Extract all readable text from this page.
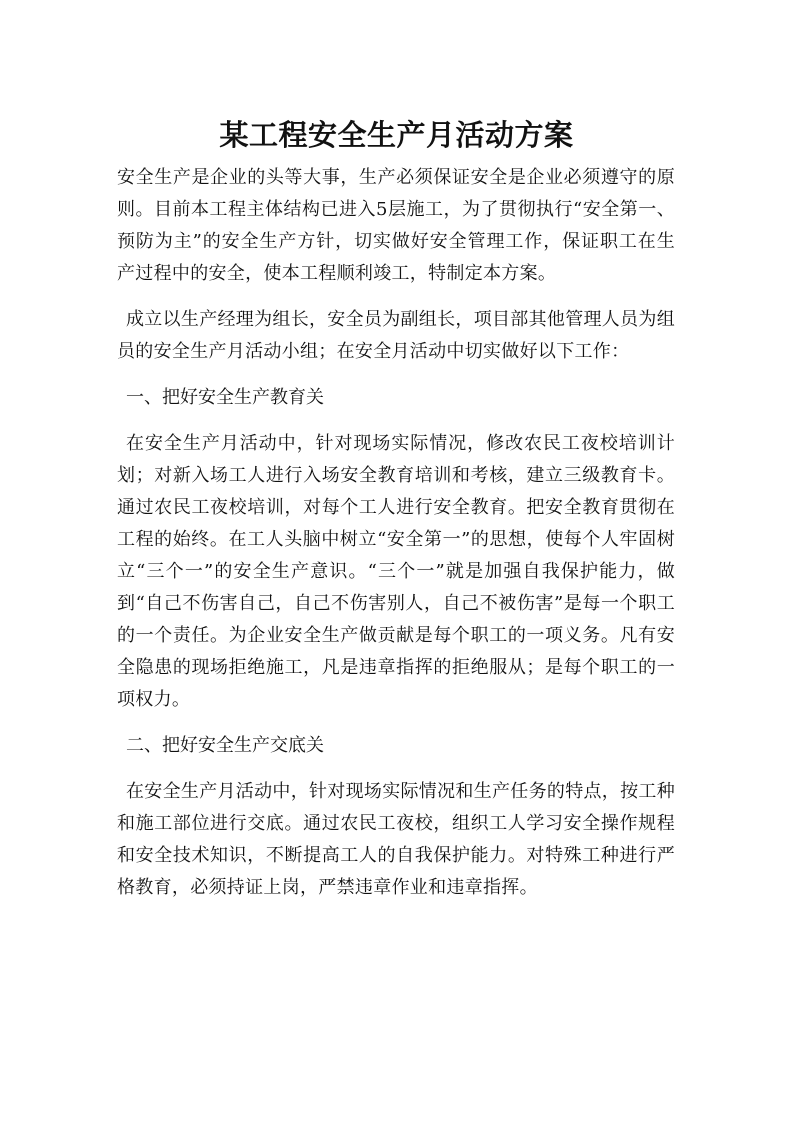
某工程安全生产月活动方案

安全生产是企业的头等大事，生产必须保证安全是企业必须遵守的原则。目前本工程主体结构已进入5层施工，为了贯彻执行“安全第一、预防为主”的安全生产方针，切实做好安全管理工作，保证职工在生产过程中的安全，使本工程顺利竣工，特制定本方案。

成立以生产经理为组长，安全员为副组长，项目部其他管理人员为组员的安全生产月活动小组；在安全月活动中切实做好以下工作：

一、把好安全生产教育关

在安全生产月活动中，针对现场实际情况，修改农民工夜校培训计划；对新入场工人进行入场安全教育培训和考核，建立三级教育卡。通过农民工夜校培训，对每个工人进行安全教育。把安全教育贯彻在工程的始终。在工人头脑中树立“安全第一”的思想，使每个人牢固树立“三个一”的安全生产意识。“三个一”就是加强自我保护能力，做到“自己不伤害自己，自己不伤害别人，自己不被伤害”是每一个职工的一个责任。为企业安全生产做贡献是每个职工的一项义务。凡有安全隐患的现场拒绝施工，凡是违章指挥的拒绝服从；是每个职工的一项权力。

二、把好安全生产交底关

在安全生产月活动中，针对现场实际情况和生产任务的特点，按工种和施工部位进行交底。通过农民工夜校，组织工人学习安全操作规程和安全技术知识，不断提高工人的自我保护能力。对特殊工种进行严格教育，必须持证上岗，严禁违章作业和违章指挥。
